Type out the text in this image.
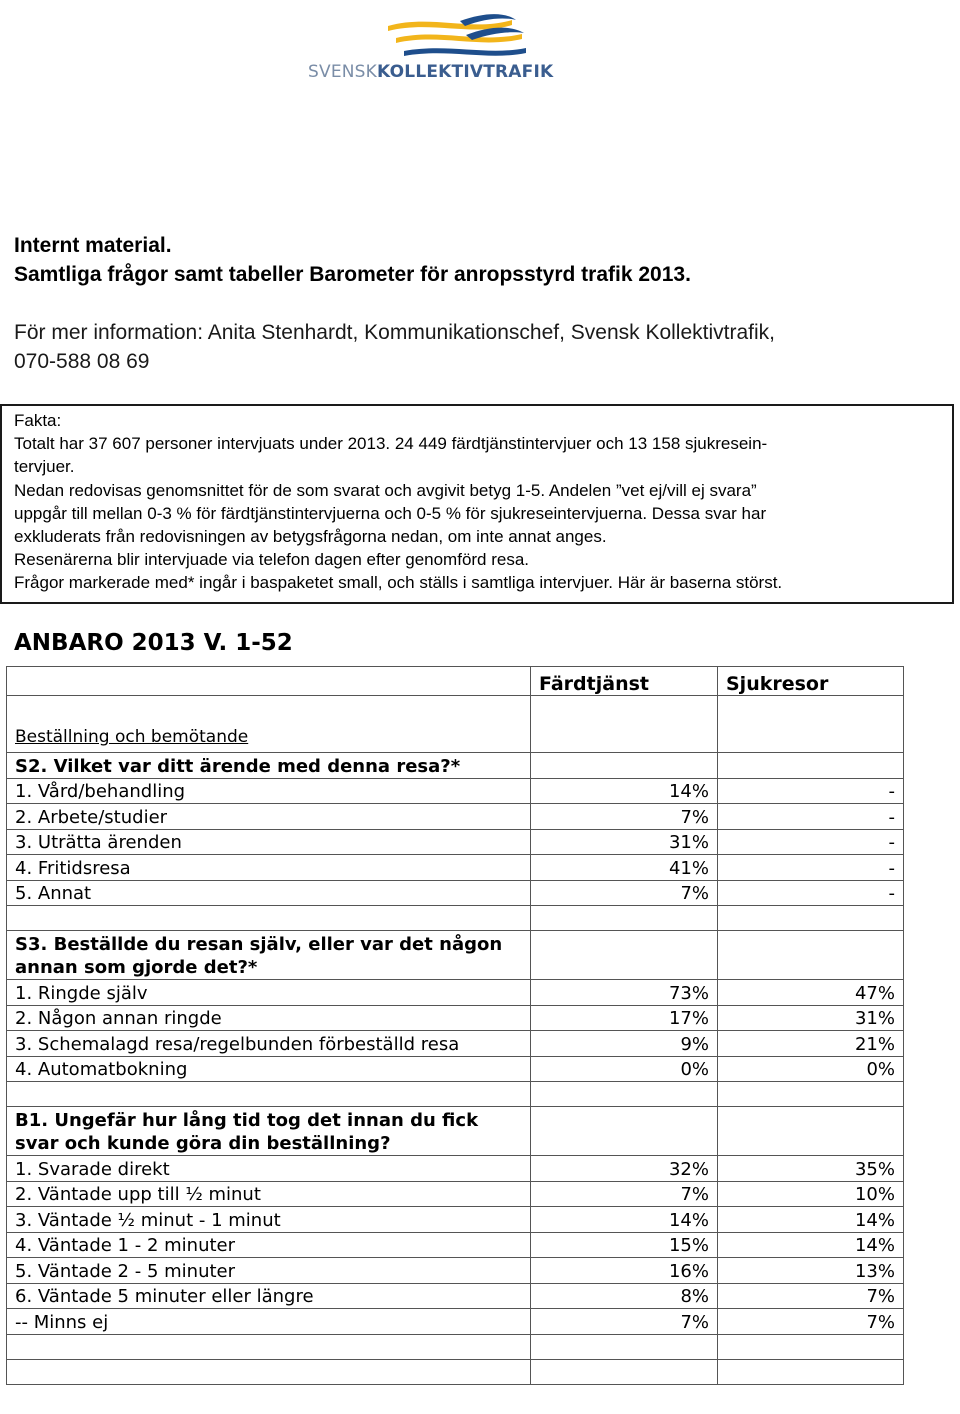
SVENSKKOLLEKTIVTRAFIK
Internt material.
Samtliga frågor samt tabeller Barometer för anropsstyrd trafik 2013.
För mer information: Anita Stenhardt, Kommunikationschef, Svensk Kollektivtrafik,
070-588 08 69
Fakta:
Totalt har 37 607 personer intervjuats under 2013. 24 449 färdtjänstintervjuer och 13 158 sjukresein-
tervjuer.
Nedan redovisas genomsnittet för de som svarat och avgivit betyg 1-5. Andelen ”vet ej/vill ej svara”
uppgår till mellan 0-3 % för färdtjänstintervjuerna och 0-5 % för sjukreseintervjuerna. Dessa svar har
exkluderats från redovisningen av betygsfrågorna nedan, om inte annat anges.
Resenärerna blir intervjuade via telefon dagen efter genomförd resa.
Frågor markerade med* ingår i baspaketet small, och ställs i samtliga intervjuer. Här är baserna störst.
ANBARO 2013 V. 1-52
	Färdtjänst	Sjukresor
Beställning och bemötande		
S2. Vilket var ditt ärende med denna resa?*		
1. Vård/behandling	14%	-
2. Arbete/studier	7%	-
3. Uträtta ärenden	31%	-
4. Fritidsresa	41%	-
5. Annat	7%	-

S3. Beställde du resan själv, eller var det någon annan som gjorde det?*		
1. Ringde själv	73%	47%
2. Någon annan ringde	17%	31%
3. Schemalagd resa/regelbunden förbeställd resa	9%	21%
4. Automatbokning	0%	0%

B1. Ungefär hur lång tid tog det innan du fick svar och kunde göra din beställning?		
1. Svarade direkt	32%	35%
2. Väntade upp till ½ minut	7%	10%
3. Väntade ½ minut - 1 minut	14%	14%
4. Väntade 1 - 2 minuter	15%	14%
5. Väntade 2 - 5 minuter	16%	13%
6. Väntade 5 minuter eller längre	8%	7%
-- Minns ej	7%	7%
